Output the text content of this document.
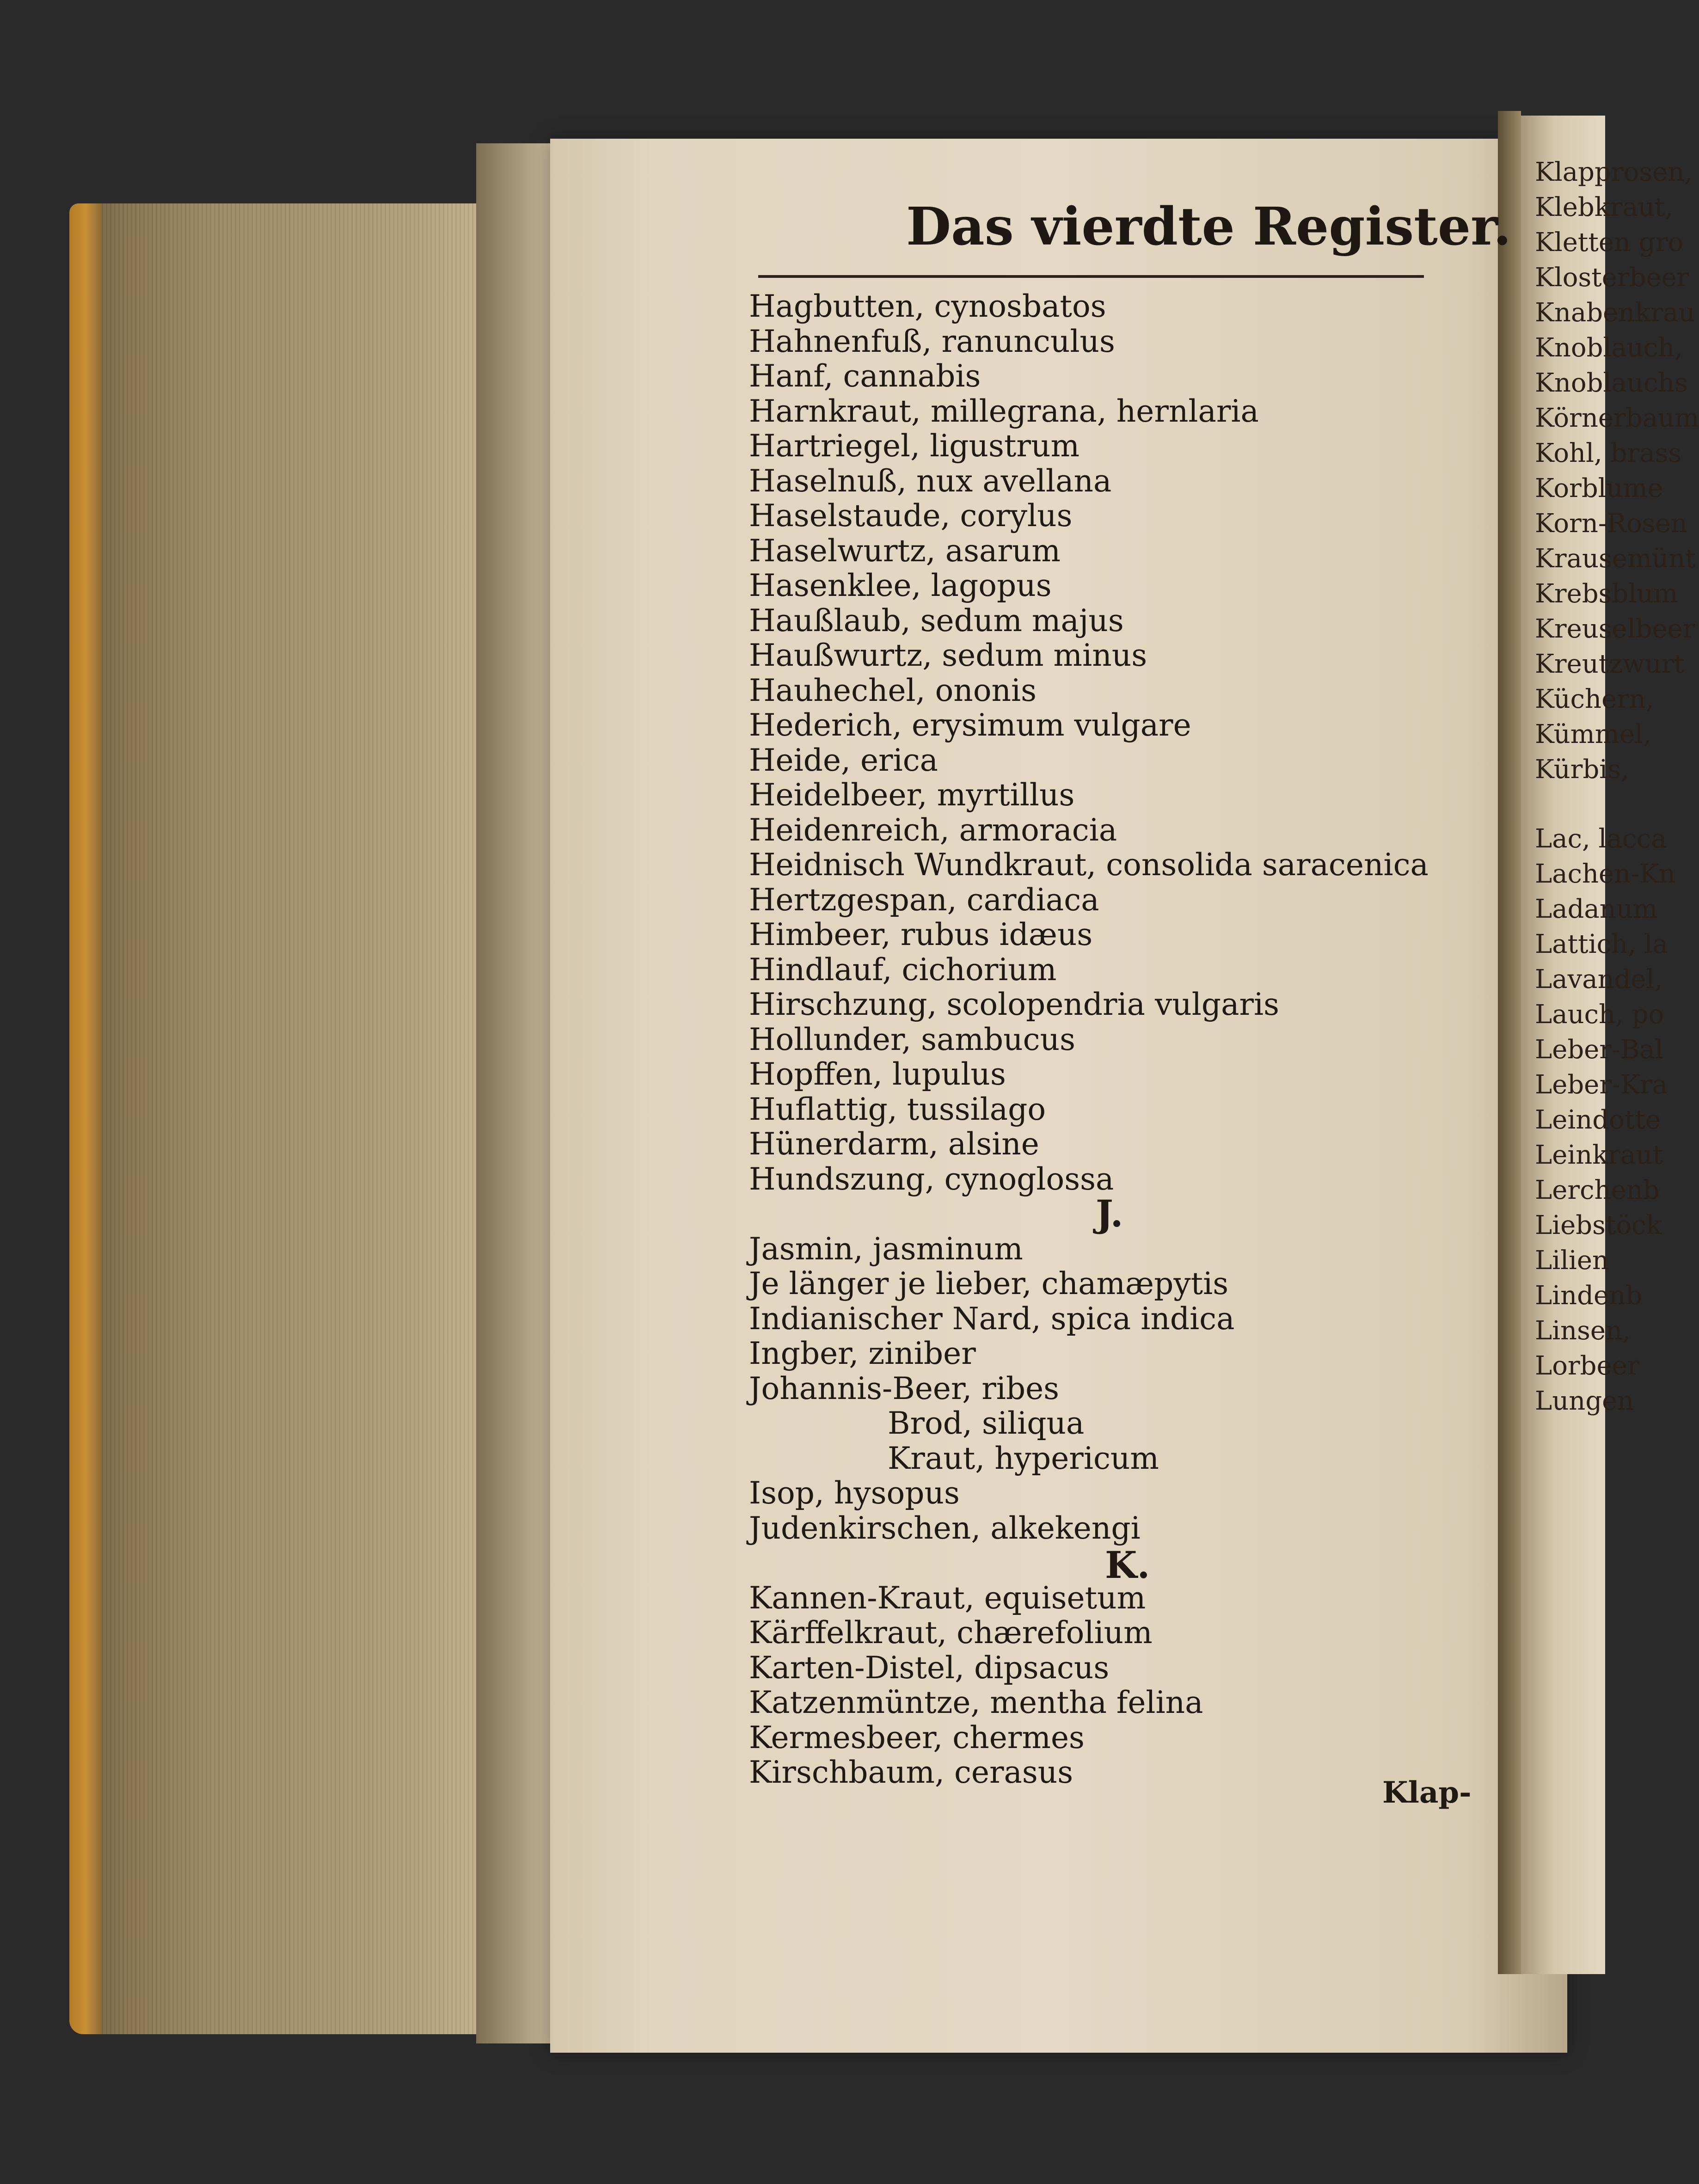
Klapprosen,
Klebkraut,
Kletten gro
Klosterbeer
Knabenkrau
Knoblauch,
Knoblauchs
Körnerbaum
Kohl, brass
Korblume
Korn-Rosen
Krausemünt
Krebsblum
Kreuselbeer
Kreutzwurt
Küchern,
Kümmel,
Kürbis,
Lac, lacca
Lachen-Kn
Ladanum
Lattich, la
Lavandel,
Lauch, po
Leber-Bal
Leber-Kra
Leindotte
Leinkraut
Lerchenb
Liebstöck
Lilien
Lindenb
Linsen,
Lorbeer
Lungen
Das vierdte Register.
Hagbutten, cynosbatos
Hahnenfuß, ranunculus
Hanf, cannabis
Harnkraut, millegrana, hernlaria
Hartriegel, ligustrum
Haselnuß, nux avellana
Haselstaude, corylus
Haselwurtz, asarum
Hasenklee, lagopus
Haußlaub, sedum majus
Haußwurtz, sedum minus
Hauhechel, ononis
Hederich, erysimum vulgare
Heide, erica
Heidelbeer, myrtillus
Heidenreich, armoracia
Heidnisch Wundkraut, consolida saracenica
Hertzgespan, cardiaca
Himbeer, rubus idæus
Hindlauf, cichorium
Hirschzung, scolopendria vulgaris
Hollunder, sambucus
Hopffen, lupulus
Huflattig, tussilago
Hünerdarm, alsine
Hundszung, cynoglossa
J.
Jasmin, jasminum
Je länger je lieber, chamæpytis
Indianischer Nard, spica indica
Ingber, ziniber
Johannis-Beer, ribes
Brod, siliqua
Kraut, hypericum
Isop, hysopus
Judenkirschen, alkekengi
K.
Kannen-Kraut, equisetum
Kärffelkraut, chærefolium
Karten-Distel, dipsacus
Katzenmüntze, mentha felina
Kermesbeer, chermes
Kirschbaum, cerasus
Klap-
